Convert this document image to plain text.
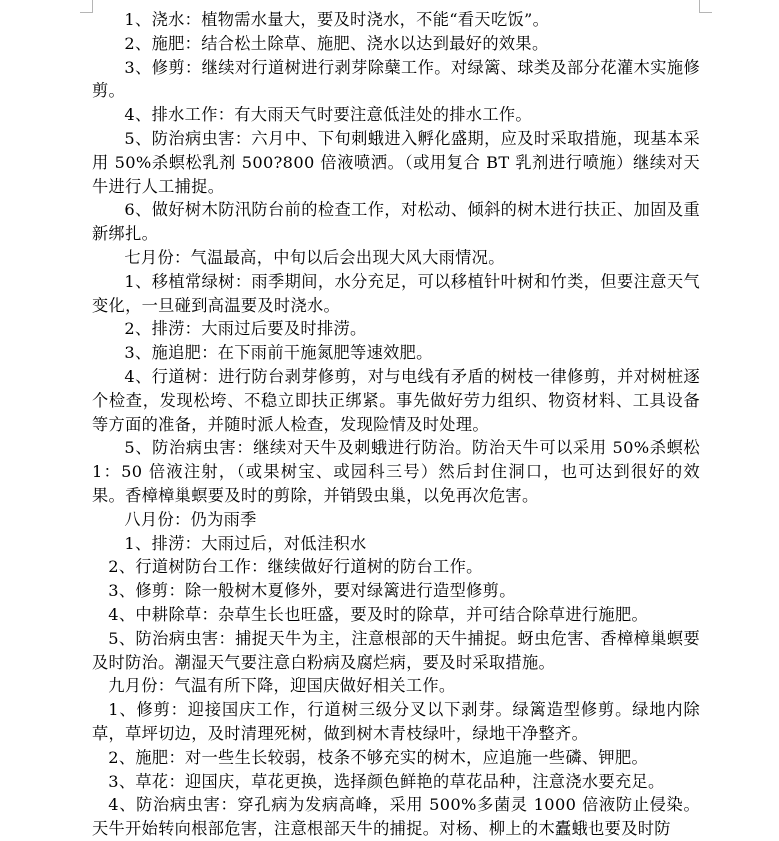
1、浇水：植物需水量大，要及时浇水，不能“看天吃饭”。

2、施肥：结合松土除草、施肥、浇水以达到最好的效果。

3、修剪：继续对行道树进行剥芽除蘖工作。对绿篱、球类及部分花灌木实施修剪。

4、排水工作：有大雨天气时要注意低洼处的排水工作。

5、防治病虫害：六月中、下旬刺蛾进入孵化盛期，应及时采取措施，现基本采用 50%杀螟松乳剂 500?800 倍液喷洒。（或用复合 BT 乳剂进行喷施）继续对天牛进行人工捕捉。

6、做好树木防汛防台前的检查工作，对松动、倾斜的树木进行扶正、加固及重新绑扎。

七月份：气温最高，中旬以后会出现大风大雨情况。

1、移植常绿树：雨季期间，水分充足，可以移植针叶树和竹类，但要注意天气变化，一旦碰到高温要及时浇水。

2、排涝：大雨过后要及时排涝。

3、施追肥：在下雨前干施氮肥等速效肥。

4、行道树：进行防台剥芽修剪，对与电线有矛盾的树枝一律修剪，并对树桩逐个检查，发现松垮、不稳立即扶正绑紧。事先做好劳力组织、物资材料、工具设备等方面的准备，并随时派人检查，发现险情及时处理。

5、防治病虫害：继续对天牛及刺蛾进行防治。防治天牛可以采用 50%杀螟松 1：50 倍液注射，（或果树宝、或园科三号）然后封住洞口，也可达到很好的效果。香樟樟巢螟要及时的剪除，并销毁虫巢，以免再次危害。

八月份：仍为雨季

1、排涝：大雨过后，对低洼积水

2、行道树防台工作：继续做好行道树的防台工作。

3、修剪：除一般树木夏修外，要对绿篱进行造型修剪。

4、中耕除草：杂草生长也旺盛，要及时的除草，并可结合除草进行施肥。

5、防治病虫害：捕捉天牛为主，注意根部的天牛捕捉。蚜虫危害、香樟樟巢螟要及时防治。潮湿天气要注意白粉病及腐烂病，要及时采取措施。

九月份：气温有所下降，迎国庆做好相关工作。

1、修剪：迎接国庆工作，行道树三级分叉以下剥芽。绿篱造型修剪。绿地内除草，草坪切边，及时清理死树，做到树木青枝绿叶，绿地干净整齐。

2、施肥：对一些生长较弱，枝条不够充实的树木，应追施一些磷、钾肥。

3、草花：迎国庆，草花更换，选择颜色鲜艳的草花品种，注意浇水要充足。

4、防治病虫害：穿孔病为发病高峰，采用 500%多菌灵 1000 倍液防止侵染。天牛开始转向根部危害，注意根部天牛的捕捉。对杨、柳上的木蠹蛾也要及时防
